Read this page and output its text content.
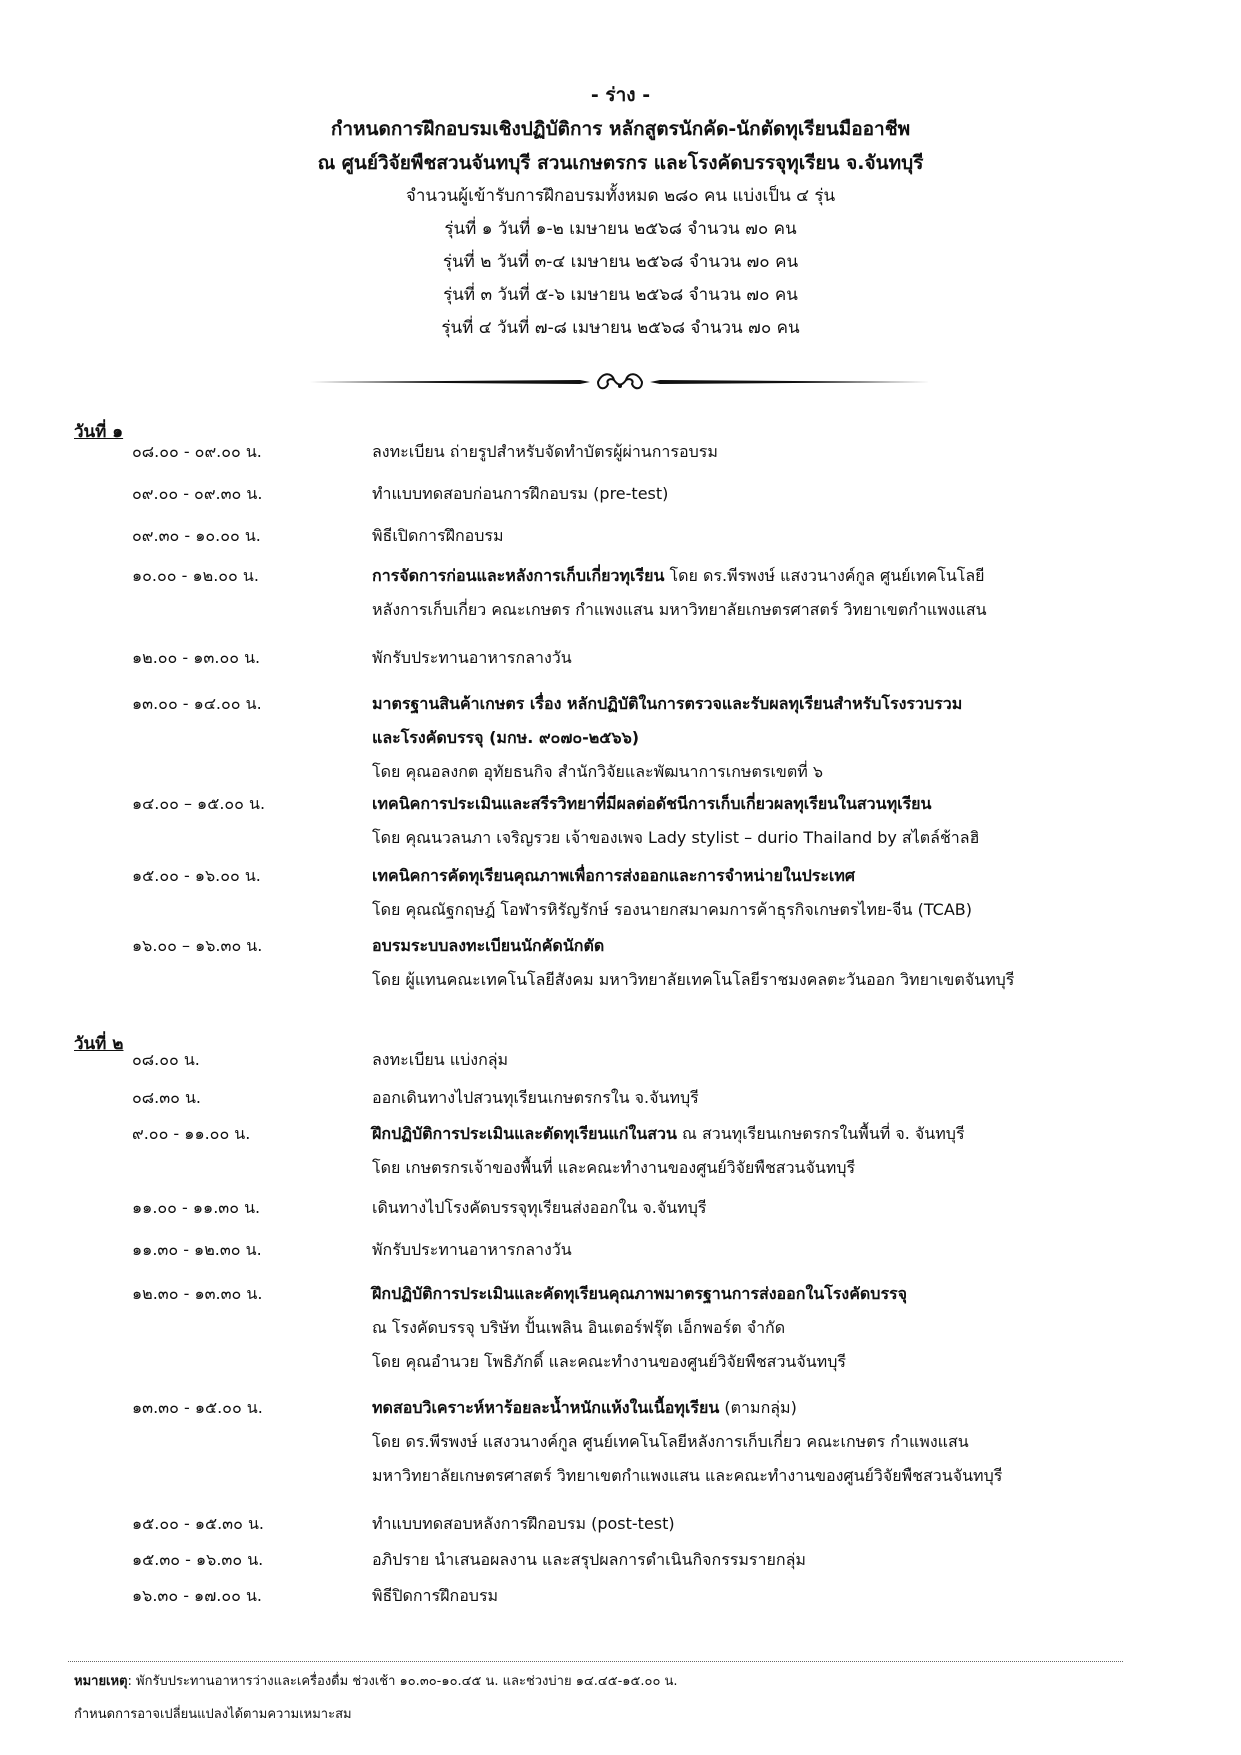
- ร่าง -
กำหนดการฝึกอบรมเชิงปฏิบัติการ หลักสูตรนักคัด-นักตัดทุเรียนมืออาชีพ
ณ ศูนย์วิจัยพืชสวนจันทบุรี สวนเกษตรกร และโรงคัดบรรจุทุเรียน จ.จันทบุรี
จำนวนผู้เข้ารับการฝึกอบรมทั้งหมด ๒๘๐ คน แบ่งเป็น ๔ รุ่น
รุ่นที่ ๑ วันที่ ๑-๒ เมษายน ๒๕๖๘ จำนวน ๗๐ คน
รุ่นที่ ๒ วันที่ ๓-๔ เมษายน ๒๕๖๘ จำนวน ๗๐ คน
รุ่นที่ ๓ วันที่ ๕-๖ เมษายน ๒๕๖๘ จำนวน ๗๐ คน
รุ่นที่ ๔ วันที่ ๗-๘ เมษายน ๒๕๖๘ จำนวน ๗๐ คน
วันที่ ๑
๐๘.๐๐ - ๐๙.๐๐ น.	ลงทะเบียน ถ่ายรูปสำหรับจัดทำบัตรผู้ผ่านการอบรม
๐๙.๐๐ - ๐๙.๓๐ น.	ทำแบบทดสอบก่อนการฝึกอบรม (pre-test)
๐๙.๓๐ - ๑๐.๐๐ น.	พิธีเปิดการฝึกอบรม
๑๐.๐๐ - ๑๒.๐๐ น.	การจัดการก่อนและหลังการเก็บเกี่ยวทุเรียน โดย ดร.พีรพงษ์ แสงวนางค์กูล ศูนย์เทคโนโลยี
หลังการเก็บเกี่ยว คณะเกษตร กำแพงแสน มหาวิทยาลัยเกษตรศาสตร์ วิทยาเขตกำแพงแสน
๑๒.๐๐ - ๑๓.๐๐ น.	พักรับประทานอาหารกลางวัน
๑๓.๐๐ - ๑๔.๐๐ น.	มาตรฐานสินค้าเกษตร เรื่อง หลักปฏิบัติในการตรวจและรับผลทุเรียนสำหรับโรงรวบรวม
และโรงคัดบรรจุ (มกษ. ๙๐๗๐-๒๕๖๖)
โดย คุณอลงกต อุทัยธนกิจ สำนักวิจัยและพัฒนาการเกษตรเขตที่ ๖
๑๔.๐๐ – ๑๕.๐๐ น.	เทคนิคการประเมินและสรีรวิทยาที่มีผลต่อดัชนีการเก็บเกี่ยวผลทุเรียนในสวนทุเรียน
โดย คุณนวลนภา เจริญรวย เจ้าของเพจ Lady stylist – durio Thailand by สไตล์ช้าลฮิ
๑๕.๐๐ - ๑๖.๐๐ น.	เทคนิคการคัดทุเรียนคุณภาพเพื่อการส่งออกและการจำหน่ายในประเทศ
โดย คุณณัฐกฤษฎ์ โอฬารหิรัญรักษ์ รองนายกสมาคมการค้าธุรกิจเกษตรไทย-จีน (TCAB)
๑๖.๐๐ – ๑๖.๓๐ น.	อบรมระบบลงทะเบียนนักคัดนักตัด
โดย ผู้แทนคณะเทคโนโลยีสังคม มหาวิทยาลัยเทคโนโลยีราชมงคลตะวันออก วิทยาเขตจันทบุรี
วันที่ ๒
๐๘.๐๐ น.	ลงทะเบียน แบ่งกลุ่ม
๐๘.๓๐ น.	ออกเดินทางไปสวนทุเรียนเกษตรกรใน จ.จันทบุรี
๙.๐๐ - ๑๑.๐๐ น.	ฝึกปฏิบัติการประเมินและตัดทุเรียนแก่ในสวน ณ สวนทุเรียนเกษตรกรในพื้นที่ จ. จันทบุรี
โดย เกษตรกรเจ้าของพื้นที่ และคณะทำงานของศูนย์วิจัยพืชสวนจันทบุรี
๑๑.๐๐ - ๑๑.๓๐ น.	เดินทางไปโรงคัดบรรจุทุเรียนส่งออกใน จ.จันทบุรี
๑๑.๓๐ - ๑๒.๓๐ น.	พักรับประทานอาหารกลางวัน
๑๒.๓๐ - ๑๓.๓๐ น.	ฝึกปฏิบัติการประเมินและคัดทุเรียนคุณภาพมาตรฐานการส่งออกในโรงคัดบรรจุ
ณ โรงคัดบรรจุ บริษัท ปั้นเพลิน อินเตอร์ฟรุ๊ต เอ็กพอร์ต จำกัด
โดย คุณอำนวย โพธิภักดิ์ และคณะทำงานของศูนย์วิจัยพืชสวนจันทบุรี
๑๓.๓๐ - ๑๕.๐๐ น.	ทดสอบวิเคราะห์หาร้อยละน้ำหนักแห้งในเนื้อทุเรียน (ตามกลุ่ม)
โดย ดร.พีรพงษ์ แสงวนางค์กูล ศูนย์เทคโนโลยีหลังการเก็บเกี่ยว คณะเกษตร กำแพงแสน
มหาวิทยาลัยเกษตรศาสตร์ วิทยาเขตกำแพงแสน และคณะทำงานของศูนย์วิจัยพืชสวนจันทบุรี
๑๕.๐๐ - ๑๕.๓๐ น.	ทำแบบทดสอบหลังการฝึกอบรม (post-test)
๑๕.๓๐ - ๑๖.๓๐ น.	อภิปราย นำเสนอผลงาน และสรุปผลการดำเนินกิจกรรมรายกลุ่ม
๑๖.๓๐ - ๑๗.๐๐ น.	พิธีปิดการฝึกอบรม
หมายเหตุ: พักรับประทานอาหารว่างและเครื่องดื่ม ช่วงเช้า ๑๐.๓๐-๑๐.๔๕ น. และช่วงบ่าย ๑๔.๔๕-๑๕.๐๐ น.
กำหนดการอาจเปลี่ยนแปลงได้ตามความเหมาะสม
